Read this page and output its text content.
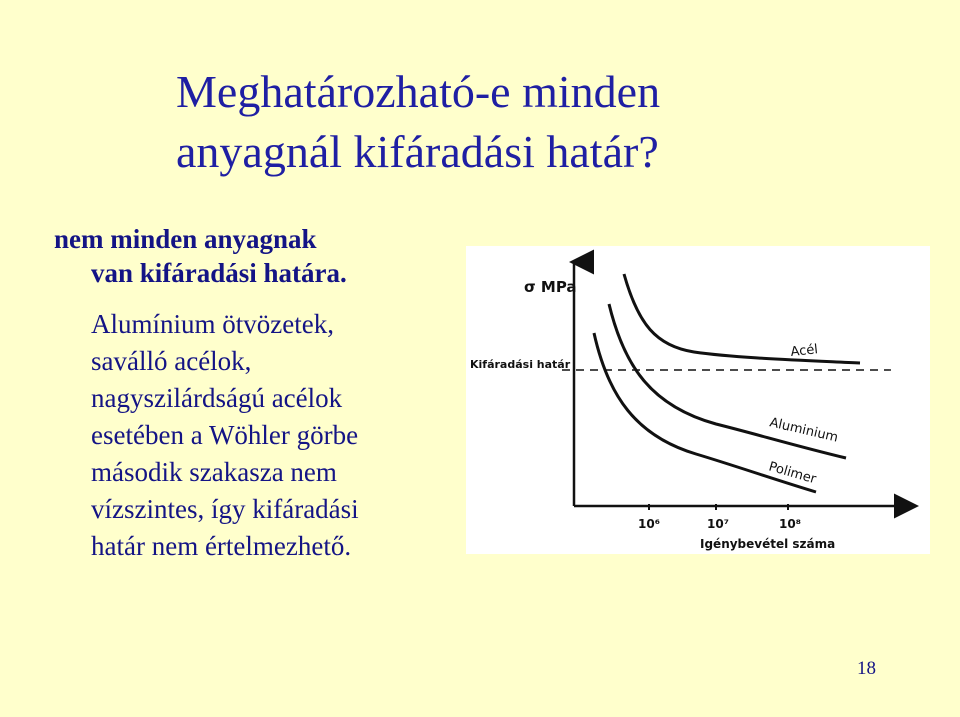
Meghatározható-e minden
anyagnál kifáradási határ?
nem minden anyagnak
van kifáradási határa.
Alumínium ötvözetek,
saválló acélok,
nagyszilárdságú acélok
esetében a Wöhler görbe
második szakasza nem
vízszintes, így kifáradási
határ nem értelmezhető.
σ MPa
Kifáradási határ
Acél
Aluminium
Polimer
10⁶	10⁷	10⁸
Igénybevétel száma
18
